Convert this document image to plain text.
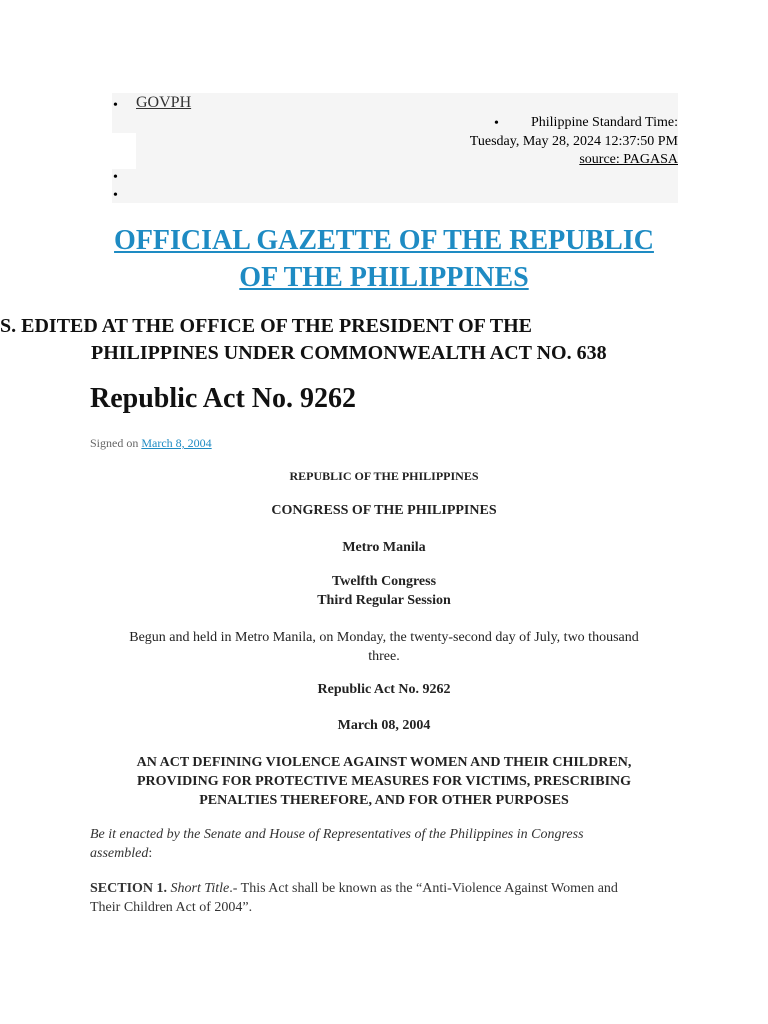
• GOVPH
• Philippine Standard Time:
Tuesday, May 28, 2024 12:37:50 PM
source: PAGASA
•
•
OFFICIAL GAZETTE OF THE REPUBLIC
OF THE PHILIPPINES
S. EDITED AT THE OFFICE OF THE PRESIDENT OF THE
PHILIPPINES UNDER COMMONWEALTH ACT NO. 638
Republic Act No. 9262
Signed on March 8, 2004
REPUBLIC OF THE PHILIPPINES
CONGRESS OF THE PHILIPPINES
Metro Manila
Twelfth Congress
Third Regular Session
Begun and held in Metro Manila, on Monday, the twenty-second day of July, two thousand
three.
Republic Act No. 9262
March 08, 2004
AN ACT DEFINING VIOLENCE AGAINST WOMEN AND THEIR CHILDREN,
PROVIDING FOR PROTECTIVE MEASURES FOR VICTIMS, PRESCRIBING
PENALTIES THEREFORE, AND FOR OTHER PURPOSES
Be it enacted by the Senate and House of Representatives of the Philippines in Congress
assembled:
SECTION 1. Short Title.- This Act shall be known as the “Anti-Violence Against Women and
Their Children Act of 2004”.
